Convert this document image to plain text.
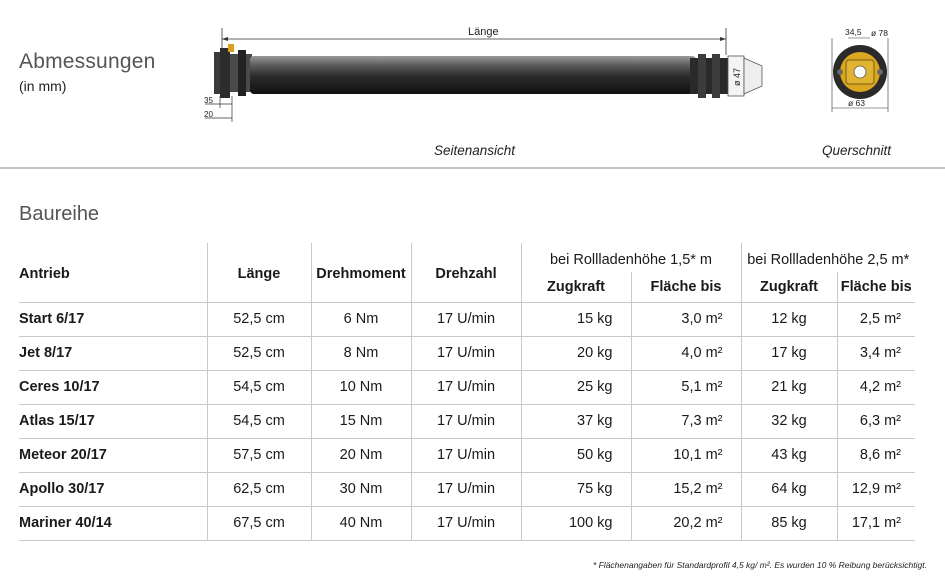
Abmessungen
(in mm)
Länge
ø 47
35
20
34,5 ø 78
ø 63
Seitenansicht	Querschnitt
Baureihe
Antrieb	Länge	Drehmoment	Drehzahl	bei Rollladenhöhe 1,5* m		bei Rollladenhöhe 2,5 m*	
				Zugkraft	Fläche bis	Zugkraft	Fläche bis
Start 6/17	52,5 cm	6 Nm	17 U/min	15 kg	3,0 m²	12 kg	2,5 m²
Jet 8/17	52,5 cm	8 Nm	17 U/min	20 kg	4,0 m²	17 kg	3,4 m²
Ceres 10/17	54,5 cm	10 Nm	17 U/min	25 kg	5,1 m²	21 kg	4,2 m²
Atlas 15/17	54,5 cm	15 Nm	17 U/min	37 kg	7,3 m²	32 kg	6,3 m²
Meteor 20/17	57,5 cm	20 Nm	17 U/min	50 kg	10,1 m²	43 kg	8,6 m²
Apollo 30/17	62,5 cm	30 Nm	17 U/min	75 kg	15,2 m²	64 kg	12,9 m²
Mariner 40/14	67,5 cm	40 Nm	17 U/min	100 kg	20,2 m²	85 kg	17,1 m²
* Flächenangaben für Standardprofil 4,5 kg/ m². Es wurden 10 % Reibung berücksichtigt.
